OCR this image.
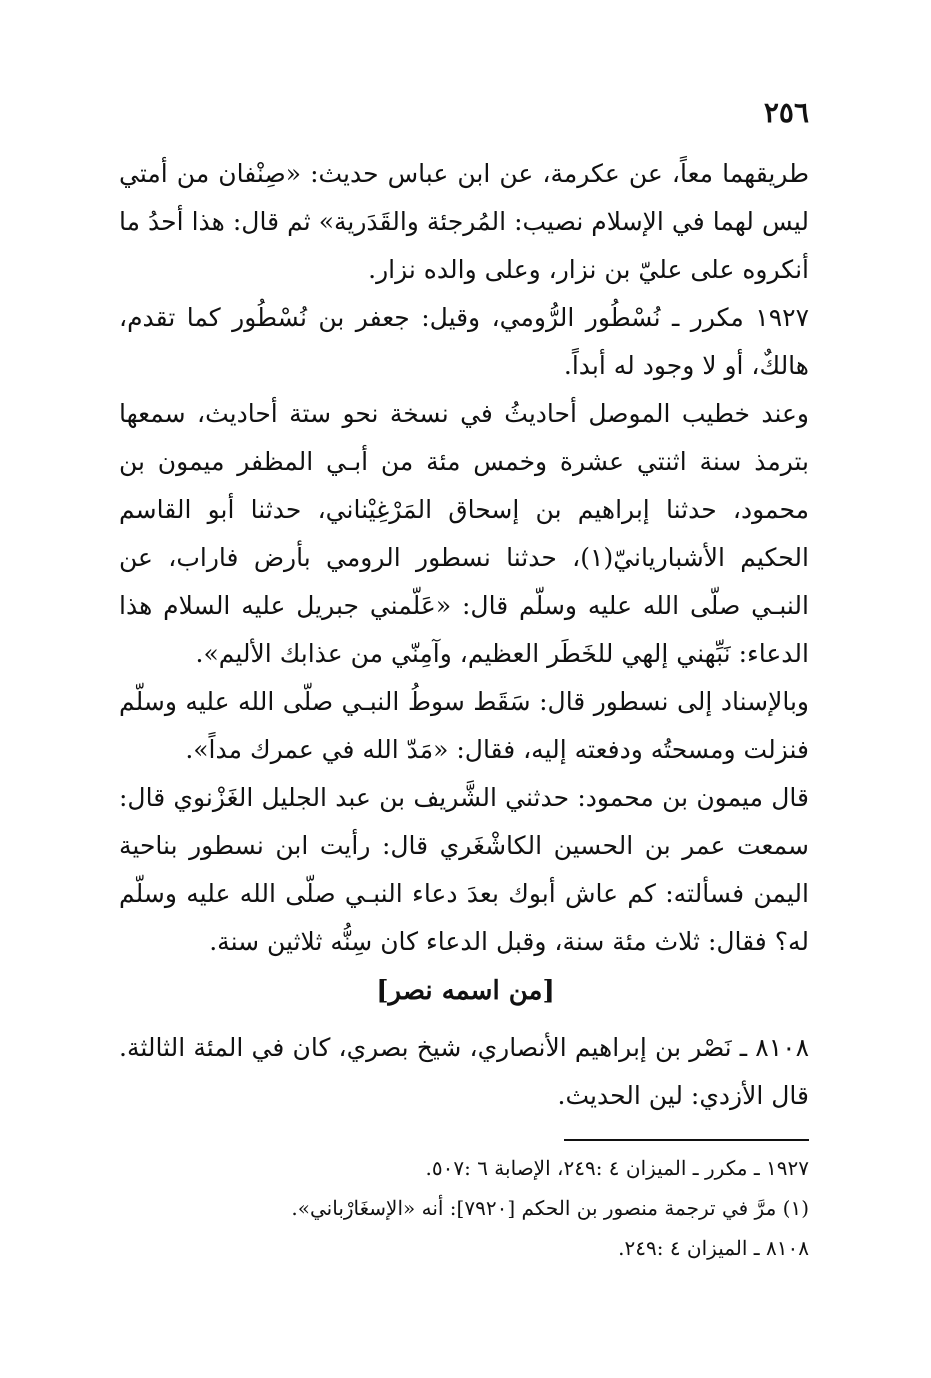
٢٥٦

طريقهما معاً، عن عكرمة، عن ابن عباس حديث: «صِنْفان من أمتي ليس لهما في الإسلام نصيب: المُرجئة والقَدَرية» ثم قال: هذا أحدُ ما أنكروه على عليّ بن نزار، وعلى والده نزار.

١٩٢٧ مكرر ـ نُسْطُور الرُّومي، وقيل: جعفر بن نُسْطُور كما تقدم، هالكٌ، أو لا وجود له أبداً.

وعند خطيب الموصل أحاديثُ في نسخة نحو ستة أحاديث، سمعها بترمذ سنة اثنتي عشرة وخمس مئة من أبـي المظفر ميمون بن محمود، حدثنا إبراهيم بن إسحاق المَرْغِيْناني، حدثنا أبو القاسم الحكيم الأشباريانيّ(١)، حدثنا نسطور الرومي بأرض فاراب، عن النبـي صلّى الله عليه وسلّم قال: «عَلّمني جبريل عليه السلام هذا الدعاء: نَبِّهني إلهي للخَطَر العظيم، وآمِنّي من عذابك الأليم».

وبالإسناد إلى نسطور قال: سَقَط سوطُ النبـي صلّى الله عليه وسلّم فنزلت ومسحتُه ودفعته إليه، فقال: «مَدّ الله في عمرك مداً».

قال ميمون بن محمود: حدثني الشَّريف بن عبد الجليل الغَزْنوي قال: سمعت عمر بن الحسين الكاشْغَري قال: رأيت ابن نسطور بناحية اليمن فسألته: كم عاش أبوك بعدَ دعاء النبـي صلّى الله عليه وسلّم له؟ فقال: ثلاث مئة سنة، وقبل الدعاء كان سِنُّه ثلاثين سنة.

[من اسمه نصر]
٨١٠٨ ـ نَصْر بن إبراهيم الأنصاري، شيخ بصري، كان في المئة الثالثة. قال الأزدي: لين الحديث.

١٩٢٧ ـ مكرر ـ الميزان ٤ :٢٤٩، الإصابة ٦ :٥٠٧.

(١) مرَّ في ترجمة منصور بن الحكم [٧٩٢٠]: أنه «الإسغَارْباني».

٨١٠٨ ـ الميزان ٤ :٢٤٩.
